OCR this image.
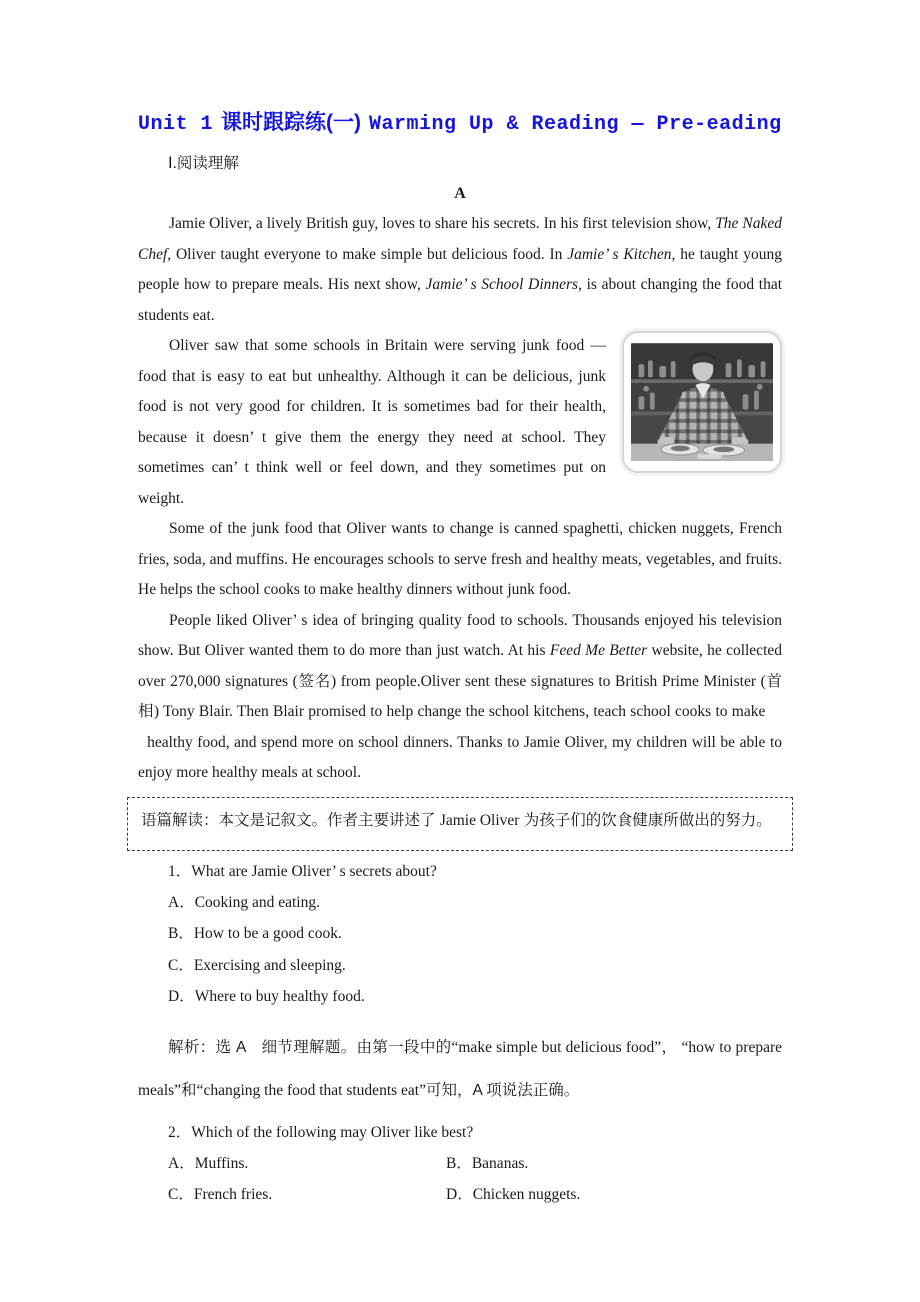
Unit 1 课时跟踪练(一) Warming Up & Reading — Pre-eading
Ⅰ.阅读理解
A

Jamie Oliver, a lively British guy, loves to share his secrets. In his first television show, The Naked Chef, Oliver taught everyone to make simple but delicious food. In Jamie’ s Kitchen, he taught young people how to prepare meals. His next show, Jamie’ s School Dinners, is about changing the food that students eat.

Oliver saw that some schools in Britain were serving junk food — food that is easy to eat but unhealthy. Although it can be delicious, junk food is not very good for children. It is sometimes bad for their health, because it doesn’ t give them the energy they need at school. They sometimes can’ t think well or feel down, and they sometimes put on weight.

Some of the junk food that Oliver wants to change is canned spaghetti, chicken nuggets, French fries, soda, and muffins. He encourages schools to serve fresh and healthy meats, vegetables, and fruits. He helps the school cooks to make healthy dinners without junk food.

People liked Oliver’ s idea of bringing quality food to schools. Thousands enjoyed his television show. But Oliver wanted them to do more than just watch. At his Feed Me Better website, he collected over 270,000 signatures (签名) from people.Oliver sent these signatures to British Prime Minister (首相) Tony Blair. Then Blair promised to help change the school kitchens, teach school cooks to make       healthy food, and spend more on school dinners. Thanks to Jamie Oliver, my children will be able to enjoy more healthy meals at school.

语篇解读：本文是记叙文。作者主要讲述了 Jamie Oliver 为孩子们的饮食健康所做出的努力。
1．What are Jamie Oliver’ s secrets about?
A．Cooking and eating.
B．How to be a good cook.
C．Exercising and sleeping.
D．Where to buy healthy food.

解析：选 A　细节理解题。由第一段中的“make simple but delicious food”， “how to prepare meals”和“changing the food that students eat”可知，A 项说法正确。

2．Which of the following may Oliver like best?
A．Muffins.	B．Bananas.
C．French fries.	D．Chicken nuggets.
